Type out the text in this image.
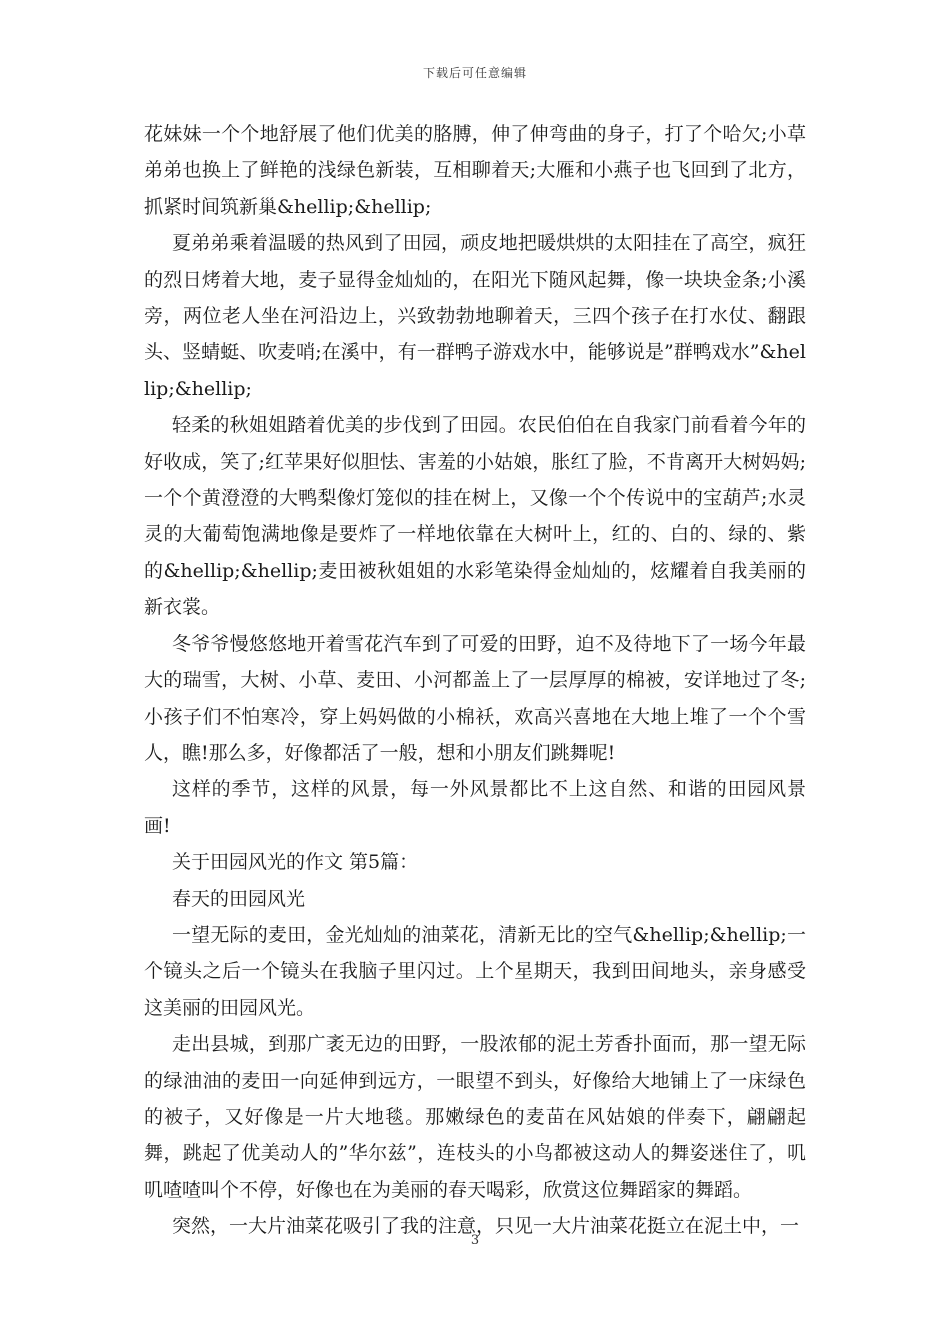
下载后可任意编辑

花妹妹一个个地舒展了他们优美的胳膊，伸了伸弯曲的身子，打了个哈欠;小草弟弟也换上了鲜艳的浅绿色新装，互相聊着天;大雁和小燕子也飞回到了北方，抓紧时间筑新巢&hellip;&hellip;

夏弟弟乘着温暖的热风到了田园，顽皮地把暖烘烘的太阳挂在了高空，疯狂的烈日烤着大地，麦子显得金灿灿的，在阳光下随风起舞，像一块块金条;小溪旁，两位老人坐在河沿边上，兴致勃勃地聊着天，三四个孩子在打水仗、翻跟头、竖蜻蜓、吹麦哨;在溪中，有一群鸭子游戏水中，能够说是”群鸭戏水”&hellip;&hellip;

轻柔的秋姐姐踏着优美的步伐到了田园。农民伯伯在自我家门前看着今年的好收成，笑了;红苹果好似胆怯、害羞的小姑娘，胀红了脸，不肯离开大树妈妈;一个个黄澄澄的大鸭梨像灯笼似的挂在树上，又像一个个传说中的宝葫芦;水灵灵的大葡萄饱满地像是要炸了一样地依靠在大树叶上，红的、白的、绿的、紫的&hellip;&hellip;麦田被秋姐姐的水彩笔染得金灿灿的，炫耀着自我美丽的新衣裳。

冬爷爷慢悠悠地开着雪花汽车到了可爱的田野，迫不及待地下了一场今年最大的瑞雪，大树、小草、麦田、小河都盖上了一层厚厚的棉被，安详地过了冬;小孩子们不怕寒冷，穿上妈妈做的小棉袄，欢高兴喜地在大地上堆了一个个雪人，瞧!那么多，好像都活了一般，想和小朋友们跳舞呢!

这样的季节，这样的风景，每一外风景都比不上这自然、和谐的田园风景画!

关于田园风光的作文 第5篇：

春天的田园风光

一望无际的麦田，金光灿灿的油菜花，清新无比的空气&hellip;&hellip;一个镜头之后一个镜头在我脑子里闪过。上个星期天，我到田间地头，亲身感受这美丽的田园风光。

走出县城，到那广袤无边的田野，一股浓郁的泥土芳香扑面而，那一望无际的绿油油的麦田一向延伸到远方，一眼望不到头，好像给大地铺上了一床绿色的被子，又好像是一片大地毯。那嫩绿色的麦苗在风姑娘的伴奏下，翩翩起舞，跳起了优美动人的”华尔兹”，连枝头的小鸟都被这动人的舞姿迷住了，叽叽喳喳叫个不停，好像也在为美丽的春天喝彩，欣赏这位舞蹈家的舞蹈。

突然，一大片油菜花吸引了我的注意，只见一大片油菜花挺立在泥土中，一

3
